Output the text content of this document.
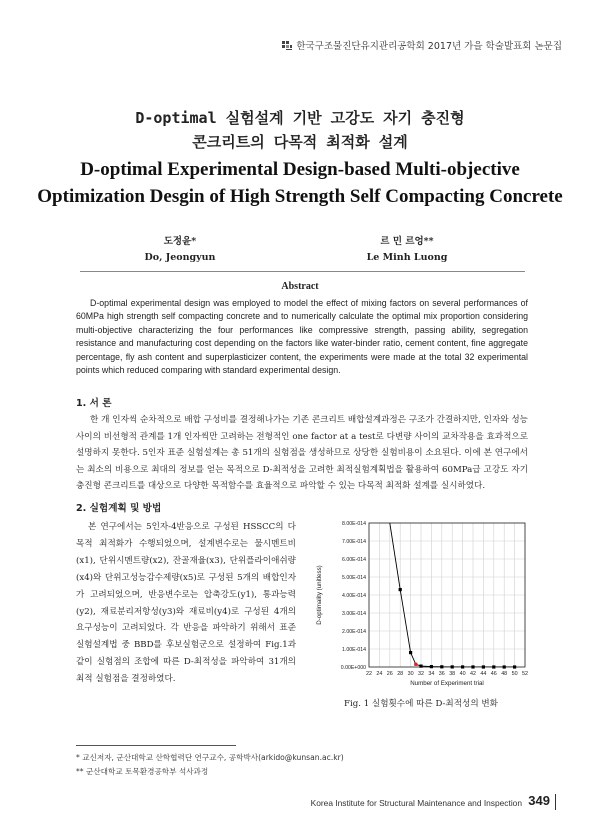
한국구조물진단유지관리공학회 2017년 가을 학술발표회 논문집
D-optimal 실험설계 기반 고강도 자기 충진형
콘크리트의 다목적 최적화 설계
D-optimal Experimental Design-based Multi-objective
Optimization Desgin of High Strength Self Compacting Concrete
도정윤*
Do, Jeongyun
르 민 르엉**
Le Minh Luong
Abstract
D-optimal experimental design was employed to model the effect of mixing factors on several performances of 60MPa high strength self compacting concrete and to numerically calculate the optimal mix proportion considering multi-objective characterizing the four performances like compressive strength, passing ability, segregation resistance and manufacturing cost depending on the factors like water-binder ratio, cement content, fine aggregate percentage, fly ash content and superplasticizer content, the experiments were made at the total 32 experimental points which reduced comparing with standard experimental design.
1. 서 론
한 개 인자씩 순차적으로 배합 구성비를 결정해나가는 기존 콘크리트 배합설계과정은 구조가 간결하지만, 인자와 성능 사이의 비선형적 관계를 1개 인자씩만 고려하는 전형적인 one factor at a test로 다변량 사이의 교차작용을 효과적으로 설명하지 못한다. 5인자 표준 실험설계는 총 51개의 실험점을 생성하므로 상당한 실험비용이 소요된다. 이에 본 연구에서는 최소의 비용으로 최대의 정보를 얻는 목적으로 D-최적성을 고려한 최적실험계획법을 활용하여 60MPa급 고강도 자기충진형 콘크리트를 대상으로 다양한 목적함수를 효율적으로 파악할 수 있는 다목적 최적화 설계를 실시하였다.
2. 실험계획 및 방법
본 연구에서는 5인자-4반응으로 구성된 HSSCC의 다목적 최적화가 수행되었으며, 설계변수로는 물시멘트비(x1), 단위시멘트량(x2), 잔골재율(x3), 단위플라이애쉬량(x4)와 단위고성능감수제량(x5)로 구성된 5개의 배합인자가 고려되었으며, 반응변수로는 압축강도(y1), 통과능력(y2), 재료분리저항성(y3)와 재료비(y4)로 구성된 4개의 요구성능이 고려되었다. 각 반응을 파악하기 위해서 표준 실험설계법 중 BBD를 후보실험군으로 설정하여 Fig.1과 같이 실험점의 조합에 따른 D-최적성을 파악하여 31개의 최적 실험점을 결정하였다.
0.00E+000
1.00E-014
2.00E-014
3.00E-014
4.00E-014
5.00E-014
6.00E-014
7.00E-014
8.00E-014
22 24 26 28 30 32 34 36 38 40 42 44 46 48 50 52
Number of Experiment trial
D-optimality (unitless)
Fig. 1 실험횟수에 따른 D-최적성의 변화
* 교신저자, 군산대학교 산학협력단 연구교수, 공학박사(arkido@kunsan.ac.kr)
** 군산대학교 토목환경공학부 석사과정
Korea Institute for Structural Maintenance and Inspection 349
